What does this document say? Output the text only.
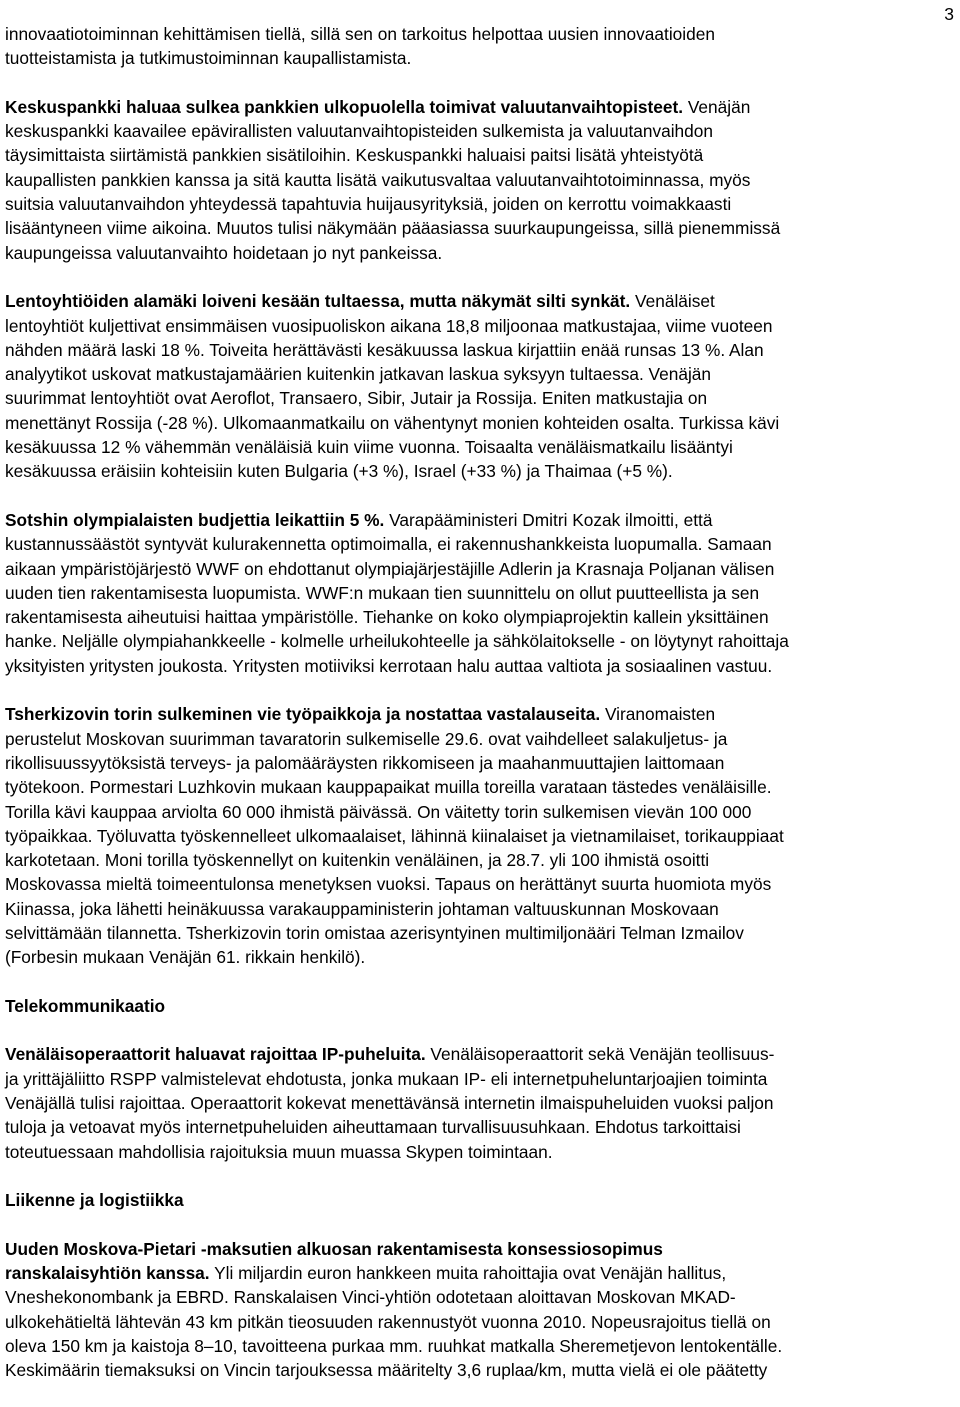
3

innovaatiotoiminnan kehittämisen tiellä, sillä sen on tarkoitus helpottaa uusien innovaatioiden
tuotteistamista ja tutkimustoiminnan kaupallistamista.

Keskuspankki haluaa sulkea pankkien ulkopuolella toimivat valuutanvaihtopisteet. Venäjän
keskuspankki kaavailee epävirallisten valuutanvaihtopisteiden sulkemista ja valuutanvaihdon
täysimittaista siirtämistä pankkien sisätiloihin. Keskuspankki haluaisi paitsi lisätä yhteistyötä
kaupallisten pankkien kanssa ja sitä kautta lisätä vaikutusvaltaa valuutanvaihtotoiminnassa, myös
suitsia valuutanvaihdon yhteydessä tapahtuvia huijausyrityksiä, joiden on kerrottu voimakkaasti
lisääntyneen viime aikoina. Muutos tulisi näkymään pääasiassa suurkaupungeissa, sillä pienemmissä
kaupungeissa valuutanvaihto hoidetaan jo nyt pankeissa.

Lentoyhtiöiden alamäki loiveni kesään tultaessa, mutta näkymät silti synkät. Venäläiset
lentoyhtiöt kuljettivat ensimmäisen vuosipuoliskon aikana 18,8 miljoonaa matkustajaa, viime vuoteen
nähden määrä laski 18 %. Toiveita herättävästi kesäkuussa laskua kirjattiin enää runsas 13 %. Alan
analyytikot uskovat matkustajamäärien kuitenkin jatkavan laskua syksyyn tultaessa. Venäjän
suurimmat lentoyhtiöt ovat Aeroflot, Transaero, Sibir, Jutair ja Rossija. Eniten matkustajia on
menettänyt Rossija (-28 %). Ulkomaanmatkailu on vähentynyt monien kohteiden osalta. Turkissa kävi
kesäkuussa 12 % vähemmän venäläisiä kuin viime vuonna. Toisaalta venäläismatkailu lisääntyi
kesäkuussa eräisiin kohteisiin kuten Bulgaria (+3 %), Israel (+33 %) ja Thaimaa (+5 %).

Sotshin olympialaisten budjettia leikattiin 5 %. Varapääministeri Dmitri Kozak ilmoitti, että
kustannussäästöt syntyvät kulurakennetta optimoimalla, ei rakennushankkeista luopumalla. Samaan
aikaan ympäristöjärjestö WWF on ehdottanut olympiajärjestäjille Adlerin ja Krasnaja Poljanan välisen
uuden tien rakentamisesta luopumista. WWF:n mukaan tien suunnittelu on ollut puutteellista ja sen
rakentamisesta aiheutuisi haittaa ympäristölle. Tiehanke on koko olympiaprojektin kallein yksittäinen
hanke. Neljälle olympiahankkeelle - kolmelle urheilukohteelle ja sähkölaitokselle - on löytynyt rahoittaja
yksityisten yritysten joukosta. Yritysten motiiviksi kerrotaan halu auttaa valtiota ja sosiaalinen vastuu.

Tsherkizovin torin sulkeminen vie työpaikkoja ja nostattaa vastalauseita. Viranomaisten
perustelut Moskovan suurimman tavaratorin sulkemiselle 29.6. ovat vaihdelleet salakuljetus- ja
rikollisuussyytöksistä terveys- ja palomääräysten rikkomiseen ja maahanmuuttajien laittomaan
työtekoon. Pormestari Luzhkovin mukaan kauppapaikat muilla toreilla varataan tästedes venäläisille.
Torilla kävi kauppaa arviolta 60 000 ihmistä päivässä. On väitetty torin sulkemisen vievän 100 000
työpaikkaa. Työluvatta työskennelleet ulkomaalaiset, lähinnä kiinalaiset ja vietnamilaiset, torikauppiaat
karkotetaan. Moni torilla työskennellyt on kuitenkin venäläinen, ja 28.7. yli 100 ihmistä osoitti
Moskovassa mieltä toimeentulonsa menetyksen vuoksi. Tapaus on herättänyt suurta huomiota myös
Kiinassa, joka lähetti heinäkuussa varakauppaministerin johtaman valtuuskunnan Moskovaan
selvittämään tilannetta. Tsherkizovin torin omistaa azerisyntyinen multimiljonääri Telman Izmailov
(Forbesin mukaan Venäjän 61. rikkain henkilö).

Telekommunikaatio

Venäläisoperaattorit haluavat rajoittaa IP-puheluita. Venäläisoperaattorit sekä Venäjän teollisuus-
ja yrittäjäliitto RSPP valmistelevat ehdotusta, jonka mukaan IP- eli internetpuheluntarjoajien toiminta
Venäjällä tulisi rajoittaa. Operaattorit kokevat menettävänsä internetin ilmaispuheluiden vuoksi paljon
tuloja ja vetoavat myös internetpuheluiden aiheuttamaan turvallisuusuhkaan. Ehdotus tarkoittaisi
toteutuessaan mahdollisia rajoituksia muun muassa Skypen toimintaan.

Liikenne ja logistiikka

Uuden Moskova-Pietari -maksutien alkuosan rakentamisesta konsessiosopimus
ranskalaisyhtiön kanssa. Yli miljardin euron hankkeen muita rahoittajia ovat Venäjän hallitus,
Vneshekonombank ja EBRD. Ranskalaisen Vinci-yhtiön odotetaan aloittavan Moskovan MKAD-
ulkokehätieltä lähtevän 43 km pitkän tieosuuden rakennustyöt vuonna 2010. Nopeusrajoitus tiellä on
oleva 150 km ja kaistoja 8–10, tavoitteena purkaa mm. ruuhkat matkalla Sheremetjevon lentokentälle.
Keskimäärin tiemaksuksi on Vincin tarjouksessa määritelty 3,6 ruplaa/km, mutta vielä ei ole päätetty
